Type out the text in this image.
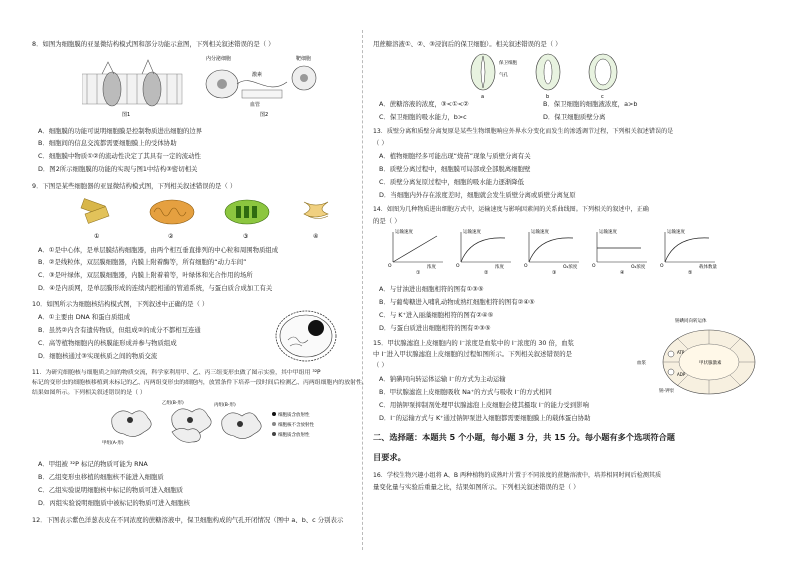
8．如图为细胞膜的亚显微结构模式图和部分功能示意图，下列相关叙述错误的是（ ）
图1
内分泌细胞
激素
靶细胞
血管
图2
A．细胞膜的功能可说明细胞膜是控制物质进出细胞的边界
B．细胞间的信息交流都需要细胞膜上的受体协助
C．细胞膜中物质①②的流动性决定了其具有一定的流动性
D．图2所示细胞膜的功能的实现与图1中结构③密切相关
9．下图是某些细胞器的亚显微结构模式图，下列相关叙述错误的是（ ）
①	②	③	④
A．①是中心体，是单层膜结构细胞器，由两个相互垂直排列的中心粒和周围物质组成
B．②是线粒体，双层膜细胞器，内膜上附着酶等，所有细胞的“动力车间”
C．③是叶绿体，双层膜细胞器，内膜上附着着等，叶绿体和光合作用的场所
D．④是内质网，是单层膜形成的连续内腔相通的管道系统，与蛋白质合成加工有关
10．如图所示为细胞核结构模式图，下列叙述中正确的是（ ）
A．①主要由 DNA 和蛋白质组成
B．虽然②内含有遗传物质，但组成②的成分不都相互连通
C．高等植物细胞内的核膜能形成并参与物质组成
D．细胞核通过③实现核质之间的物质交流
11．为研究细胞核与细胞质之间的物质交流，科学家利用甲、乙、丙三组变形虫做了图示实验，其中甲组用 ³²P
标记的变形虫的细胞核移植到未标记的乙、丙两组变形虫的细胞内，放置条件下培养一段时间后检测乙、丙两组细胞内的放射性，
结果如图所示。下列相关叙述错误的是（ ）
甲组(A-形)
乙组(B-形)	丙组(B-形)
细胞质含放射性
细胞核不含放射性
细胞质含放射性
A．甲组被 ³²P 标记的物质可能为 RNA
B．乙组变形虫移植的细胞核不能进入细胞质
C．乙组实验说明细胞核中标记的物质可进入细胞质
D．丙组实验说明细胞质中被标记的物质可进入细胞核
12．下图表示紫色洋葱表皮在不同浓度的蔗糖溶液中，保卫细胞构成的气孔开闭情况（图中 a、b、c 分别表示
用蔗糖溶液①、②、③浸润后的保卫细胞）。相关叙述错误的是（ ）
a
保卫细胞
气孔
b	c
A．蔗糖溶液的浓度，③<①<②	B．保卫细胞的细胞液浓度，a>b
C．保卫细胞的吸水能力，b>c	D．保卫细胞质壁分离
13．质壁分离和质壁分离复原是某些生物细胞响应外界水分变化而发生的渗透调节过程，下列相关叙述错误的是
（ ）
A．植物细胞经多可能出现“烧苗”现象与质壁分离有关
B．质壁分离过程中，细胞膜可局部或全部脱离细胞壁
C．质壁分离复原过程中，细胞的吸水能力逐渐降低
D．当细胞内外存在浓度差时，细胞就会发生质壁分离或质壁分离复原
14．如图为几种物质进出细胞方式中，运输速度与影响因素间的关系曲线图。下列相关的叙述中，正确
的是（ ）
运输速度
O	浓度
①
运输速度
O	浓度
②
运输速度
O	O₂浓度
③
运输速度
O	O₂浓度
④
运输速度
O	载体数量
⑤
A．与甘油进出细胞相符的图有①③⑤
B．与葡萄糖进入哺乳动物成熟红细胞相符的图有②④⑤
C．与 K⁺进入丽藻细胞相符的图有②④⑤
D．与蛋白质进出细胞相符的图有②③⑤
15．甲状腺滤泡上皮细胞内的 I⁻浓度是血浆中的 I⁻浓度的 30 倍，血浆
中 I⁻进入甲状腺滤泡上皮细胞的过程如图所示。下列相关叙述错误的是
（ ）
钠碘同向转运体
甲状腺激素
血浆
钠-钾泵
ATP
ADP
A．钠碘同向转运体运输 I⁻的方式为主动运输
B．甲状腺滤泡上皮细胞吸收 Na⁺的方式与吸收 I⁻的方式相同
C．用钠钾泵抑制剂处理甲状腺滤泡上皮细胞会使其摄取 I⁻的能力受到影响
D．I⁻的运输方式与 K⁺通过钠钾泵进入细胞都需要细胞膜上的载体蛋白协助
二、选择题：本题共 5 个小题，每小题 3 分，共 15 分。每小题有多个选项符合题
目要求。
16．学校生物兴趣小组将 A、B 两种植物的成熟叶片置于不同浓度的蔗糖溶液中，培养相同时间后检测其质
量变化量与实验后重量之比，结果如图所示。下列相关叙述错误的是（ ）
